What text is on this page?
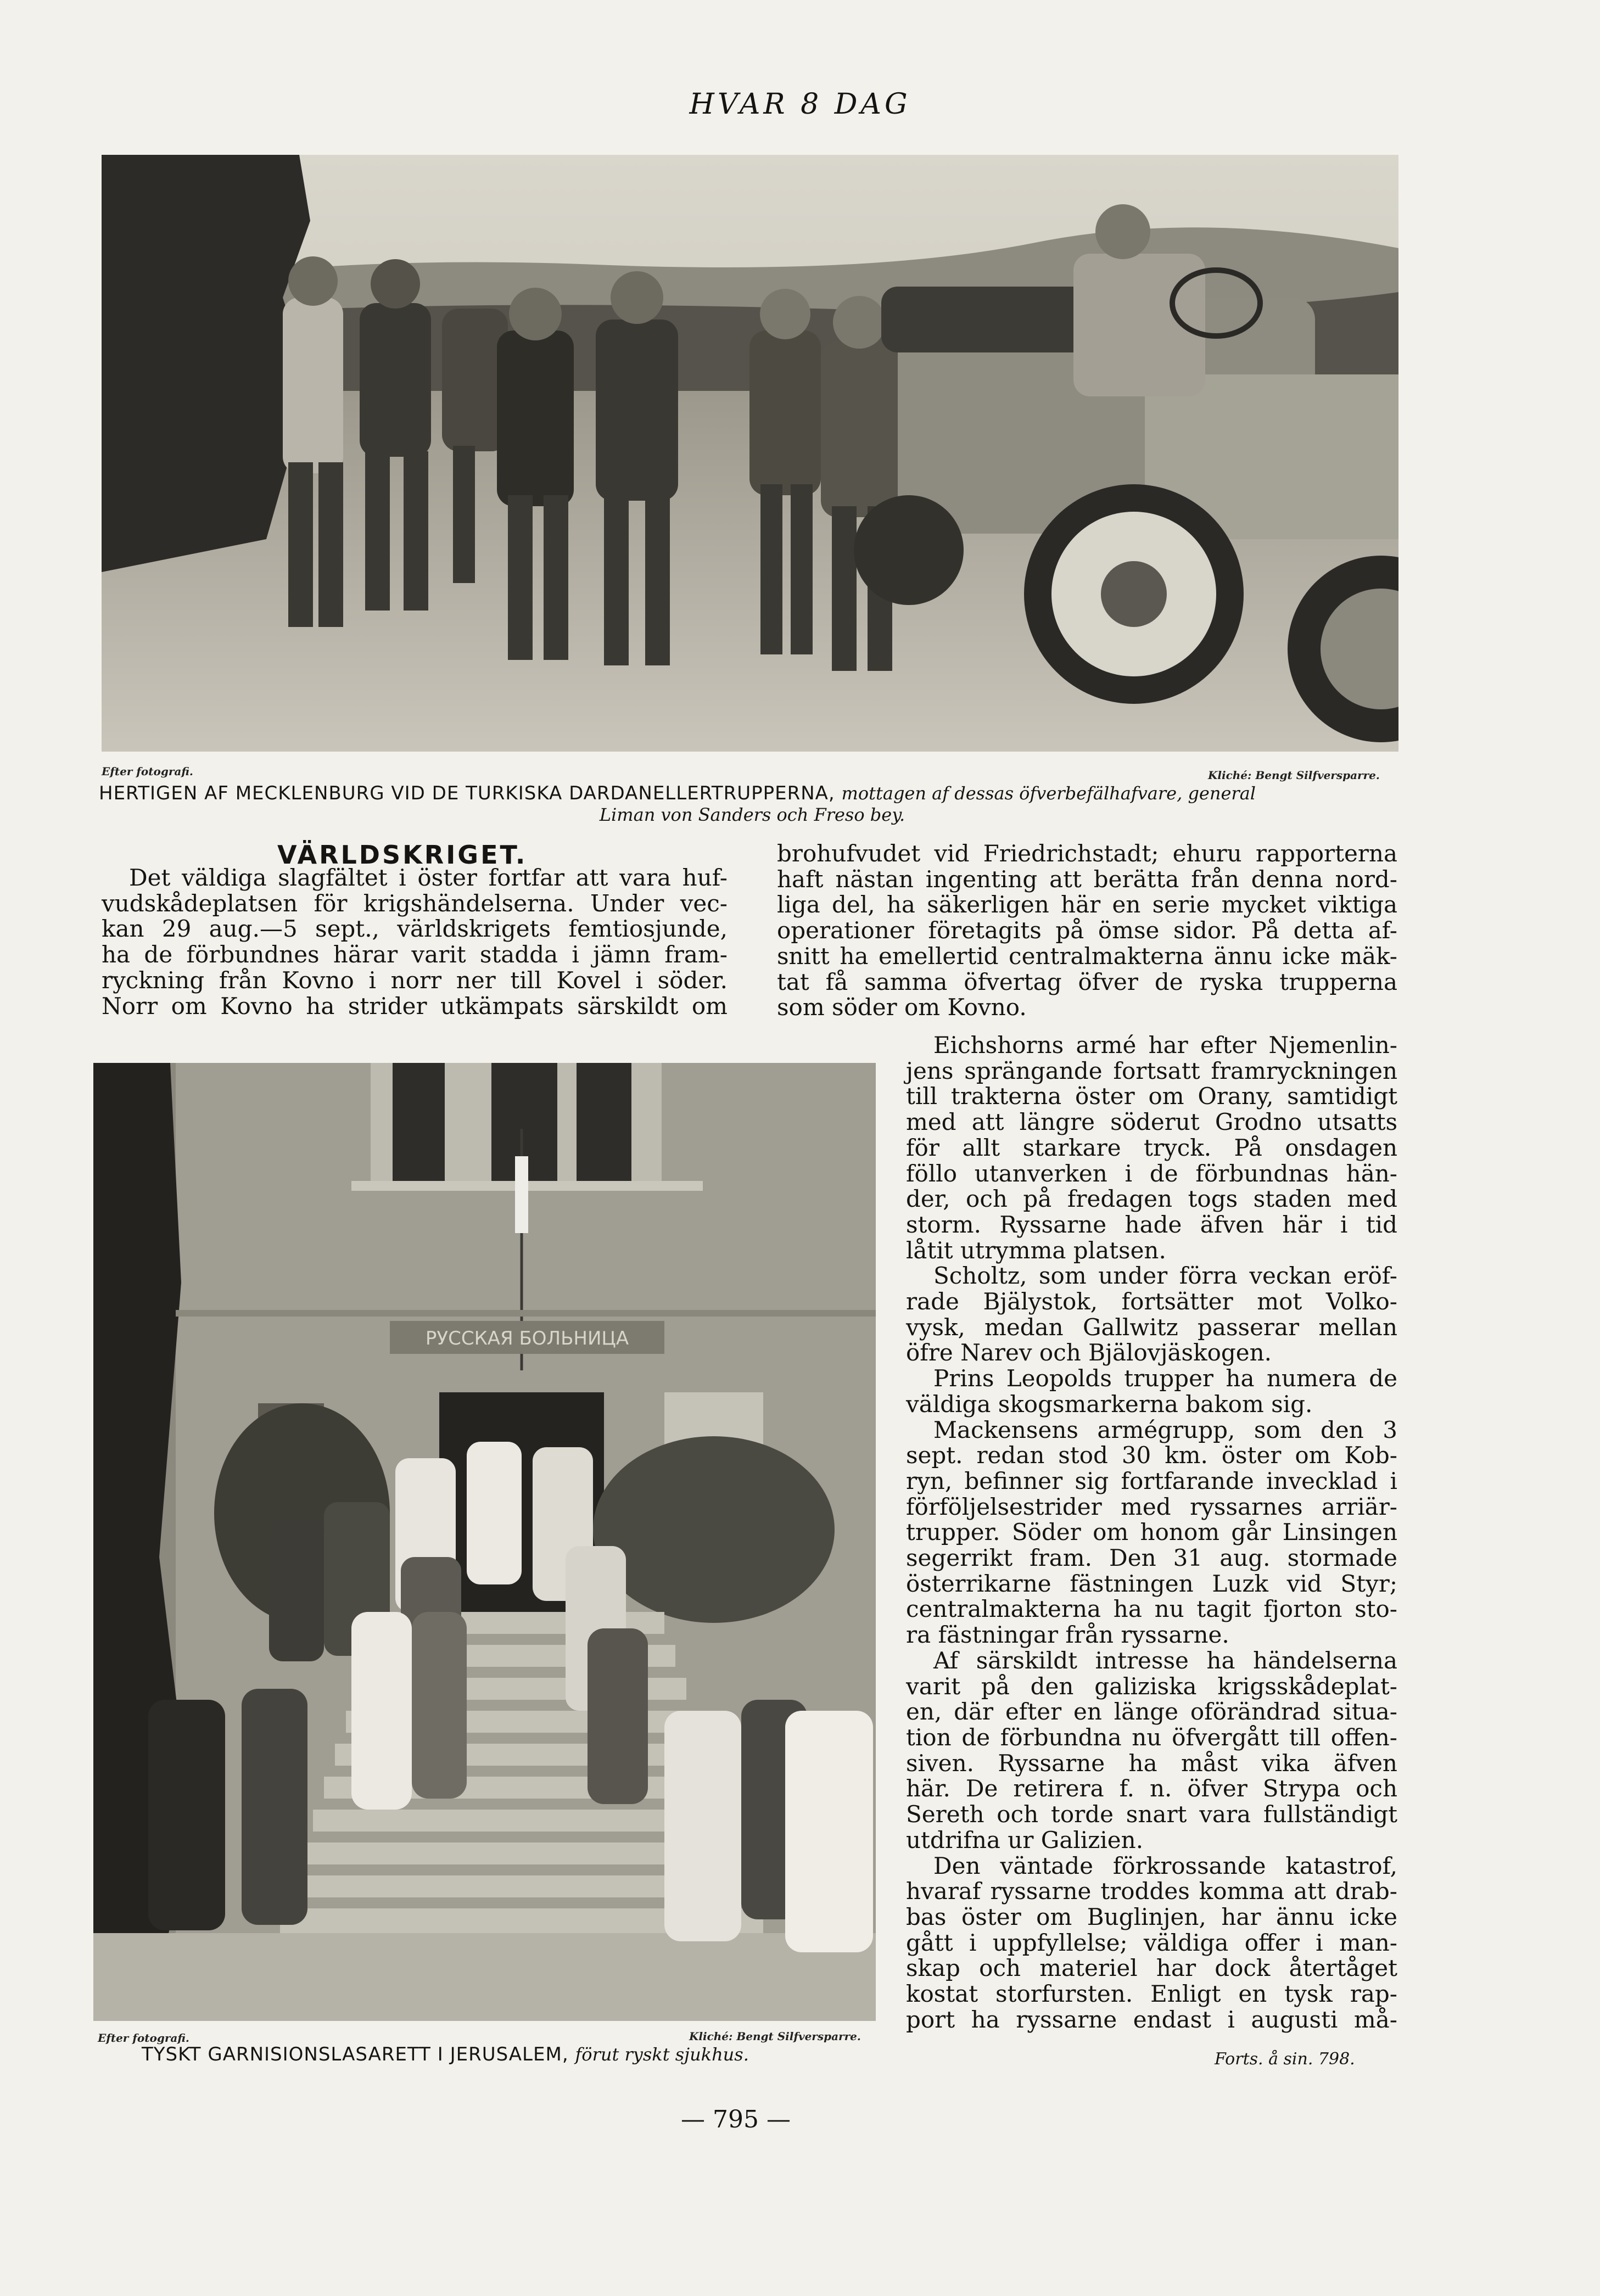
HVAR 8 DAG
Efter fotografi.	Kliché: Bengt Silfversparre.
HERTIGEN AF MECKLENBURG VID DE TURKISKA DARDANELLERTRUPPERNA, mottagen af dessas öfverbefälhafvare, general
Liman von Sanders och Freso bey.
VÄRLDSKRIGET.
Det väldiga slagfältet i öster fortfar att vara huf-
vudskådeplatsen för krigshändelserna. Under vec-
kan 29 aug.—5 sept., världskrigets femtiosjunde,
ha de förbundnes härar varit stadda i jämn fram-
ryckning från Kovno i norr ner till Kovel i söder.
Norr om Kovno ha strider utkämpats särskildt om
brohufvudet vid Friedrichstadt; ehuru rapporterna
haft nästan ingenting att berätta från denna nord-
liga del, ha säkerligen här en serie mycket viktiga
operationer företagits på ömse sidor. På detta af-
snitt ha emellertid centralmakterna ännu icke mäk-
tat få samma öfvertag öfver de ryska trupperna
som söder om Kovno.
РУССКАЯ БОЛЬНИЦА
Efter fotografi.	Kliché: Bengt Silfversparre.
TYSKT GARNISIONSLASARETT I JERUSALEM, förut ryskt sjukhus.
Eichshorns armé har efter Njemenlin-
jens sprängande fortsatt framryckningen
till trakterna öster om Orany, samtidigt
med att längre söderut Grodno utsatts
för allt starkare tryck. På onsdagen
föllo utanverken i de förbundnas hän-
der, och på fredagen togs staden med
storm. Ryssarne hade äfven här i tid
låtit utrymma platsen.
Scholtz, som under förra veckan eröf-
rade Bjälystok, fortsätter mot Volko-
vysk, medan Gallwitz passerar mellan
öfre Narev och Bjälovjäskogen.
Prins Leopolds trupper ha numera de
väldiga skogsmarkerna bakom sig.
Mackensens armégrupp, som den 3
sept. redan stod 30 km. öster om Kob-
ryn, befinner sig fortfarande invecklad i
förföljelsestrider med ryssarnes arriär-
trupper. Söder om honom går Linsingen
segerrikt fram. Den 31 aug. stormade
österrikarne fästningen Luzk vid Styr;
centralmakterna ha nu tagit fjorton sto-
ra fästningar från ryssarne.
Af särskildt intresse ha händelserna
varit på den galiziska krigsskådeplat-
en, där efter en länge oförändrad situa-
tion de förbundna nu öfvergått till offen-
siven. Ryssarne ha måst vika äfven
här. De retirera f. n. öfver Strypa och
Sereth och torde snart vara fullständigt
utdrifna ur Galizien.
Den väntade förkrossande katastrof,
hvaraf ryssarne troddes komma att drab-
bas öster om Buglinjen, har ännu icke
gått i uppfyllelse; väldiga offer i man-
skap och materiel har dock återtåget
kostat storfursten. Enligt en tysk rap-
port ha ryssarne endast i augusti må-
Forts. å sin. 798.
— 795 —
